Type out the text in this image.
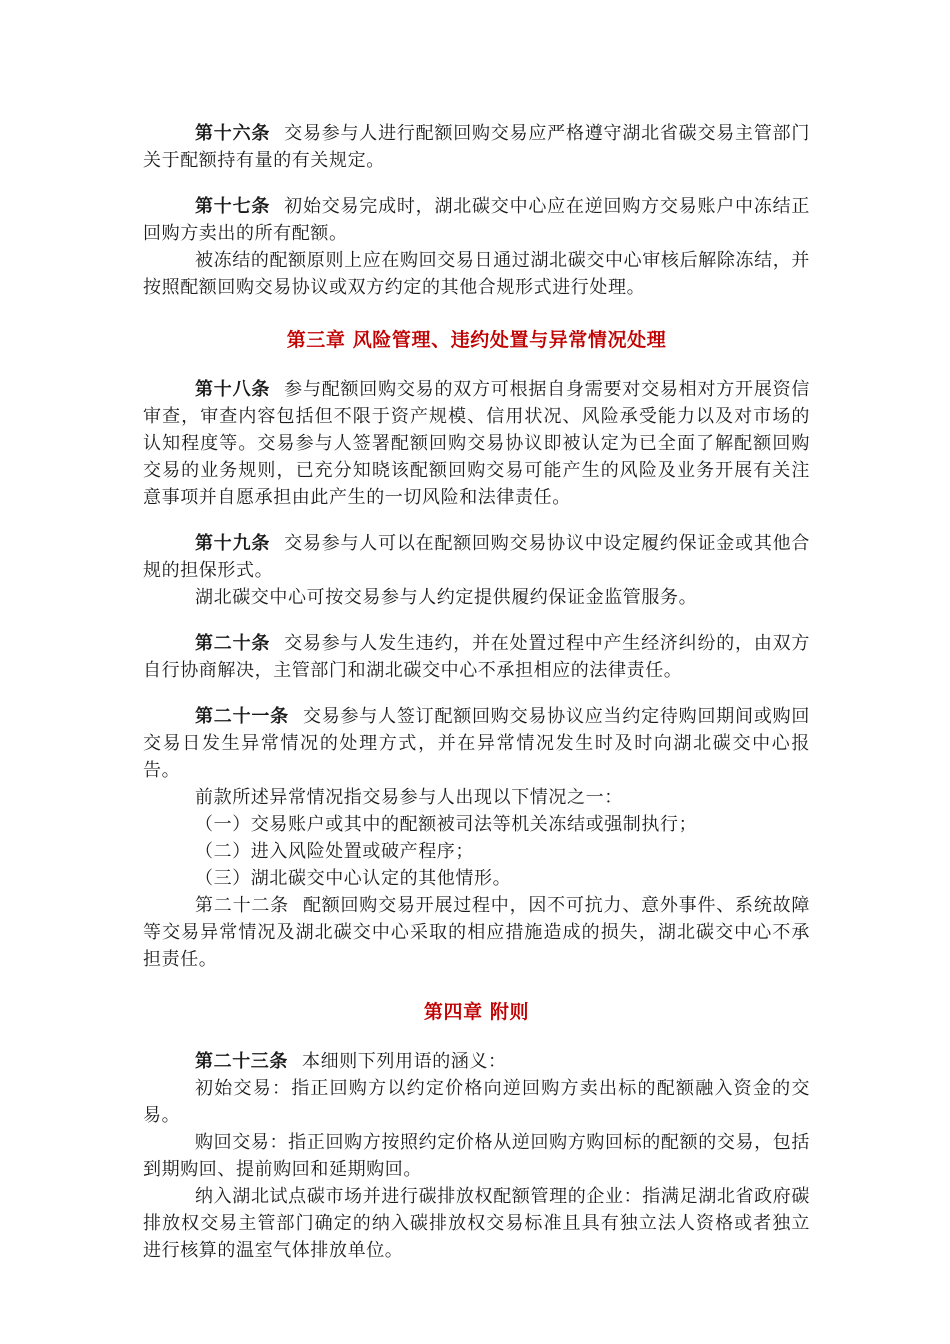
第十六条 交易参与人进行配额回购交易应严格遵守湖北省碳交易主管部门关于配额持有量的有关规定。

第十七条 初始交易完成时，湖北碳交中心应在逆回购方交易账户中冻结正回购方卖出的所有配额。

被冻结的配额原则上应在购回交易日通过湖北碳交中心审核后解除冻结，并按照配额回购交易协议或双方约定的其他合规形式进行处理。

第三章 风险管理、违约处置与异常情况处理

第十八条 参与配额回购交易的双方可根据自身需要对交易相对方开展资信审查，审查内容包括但不限于资产规模、信用状况、风险承受能力以及对市场的认知程度等。交易参与人签署配额回购交易协议即被认定为已全面了解配额回购交易的业务规则，已充分知晓该配额回购交易可能产生的风险及业务开展有关注意事项并自愿承担由此产生的一切风险和法律责任。

第十九条 交易参与人可以在配额回购交易协议中设定履约保证金或其他合规的担保形式。

湖北碳交中心可按交易参与人约定提供履约保证金监管服务。

第二十条 交易参与人发生违约，并在处置过程中产生经济纠纷的，由双方自行协商解决，主管部门和湖北碳交中心不承担相应的法律责任。

第二十一条 交易参与人签订配额回购交易协议应当约定待购回期间或购回交易日发生异常情况的处理方式，并在异常情况发生时及时向湖北碳交中心报告。

前款所述异常情况指交易参与人出现以下情况之一：

（一）交易账户或其中的配额被司法等机关冻结或强制执行；

（二）进入风险处置或破产程序；

（三）湖北碳交中心认定的其他情形。

第二十二条 配额回购交易开展过程中，因不可抗力、意外事件、系统故障等交易异常情况及湖北碳交中心采取的相应措施造成的损失，湖北碳交中心不承担责任。

第四章 附则

第二十三条 本细则下列用语的涵义：

初始交易：指正回购方以约定价格向逆回购方卖出标的配额融入资金的交易。

购回交易：指正回购方按照约定价格从逆回购方购回标的配额的交易，包括到期购回、提前购回和延期购回。

纳入湖北试点碳市场并进行碳排放权配额管理的企业：指满足湖北省政府碳排放权交易主管部门确定的纳入碳排放权交易标准且具有独立法人资格或者独立进行核算的温室气体排放单位。
